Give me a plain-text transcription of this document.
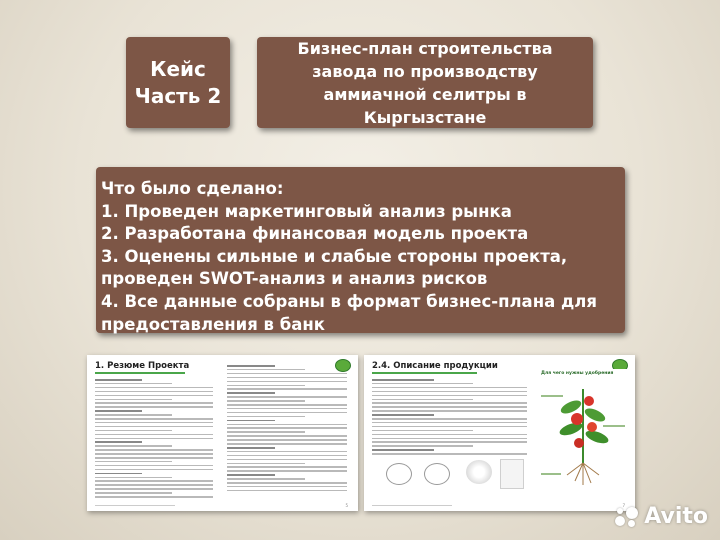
Кейс
Часть 2
Бизнес-план строительства завода по производству аммиачной селитры в Кыргызстане
Что было сделано:
1. Проведен маркетинговый анализ рынка
2. Разработана финансовая модель проекта
3. Оценены сильные и слабые стороны проекта,
проведен SWOT-анализ и анализ рисков
4. Все данные собраны в формат бизнес-плана для
предоставления в банк
1. Резюме Проекта
5
2.4. Описание продукции
Для чего нужны удобрения
7 Avito
